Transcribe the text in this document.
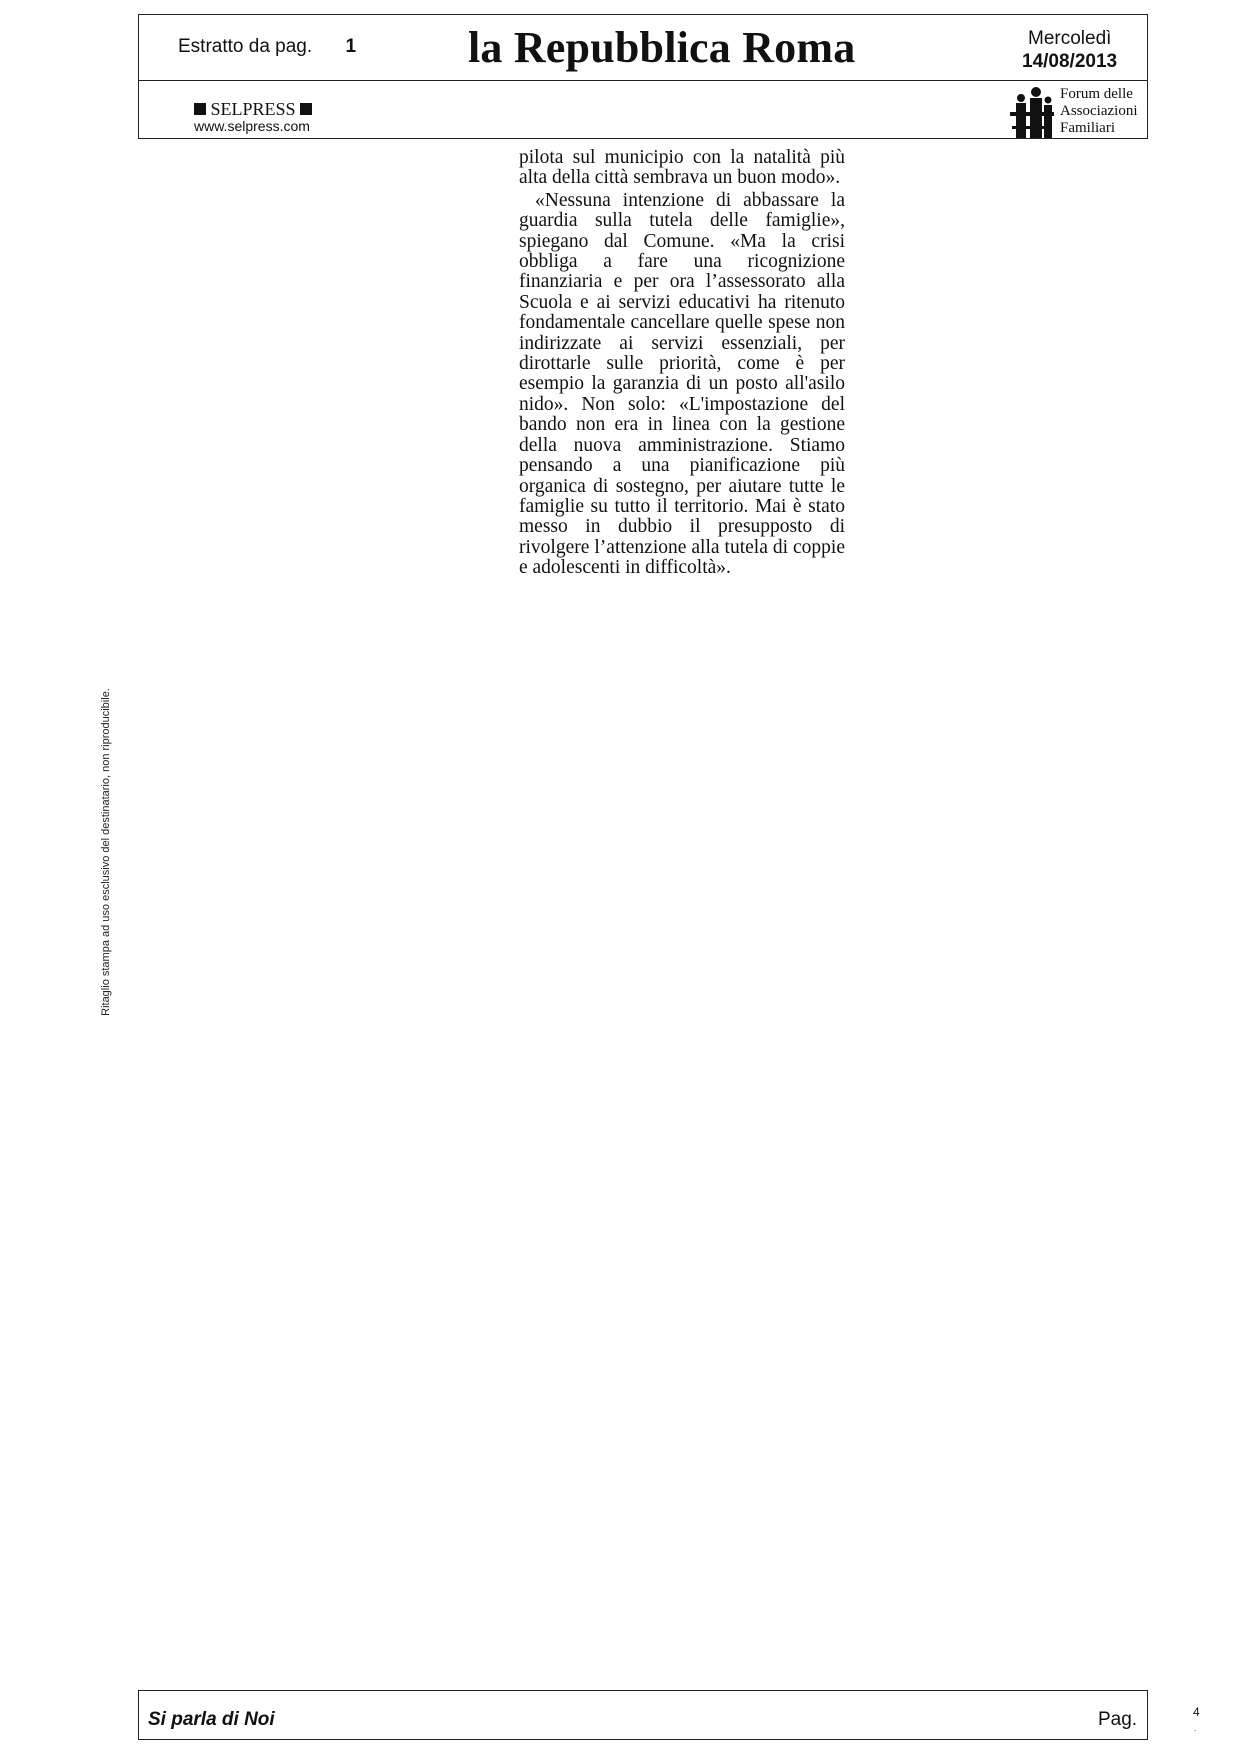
Estratto da pag. 1	la Repubblica Roma	Mercoledì
14/08/2013
SELPRESS
www.selpress.com
Forum delle
Associazioni
Familiari
Ritaglio stampa ad uso esclusivo del destinatario, non riproducibile.

pilota sul municipio con la natalità più alta della città sembrava un buon modo».

«Nessuna intenzione di abbassare la guardia sulla tutela delle famiglie», spiegano dal Comune. «Ma la crisi obbliga a fare una ricognizione finanziaria e per ora l’assessorato alla Scuola e ai servizi educativi ha ritenuto fondamentale cancellare quelle spese non indirizzate ai servizi essenziali, per dirottarle sulle priorità, come è per esempio la garanzia di un posto all'asilo nido». Non solo: «L'impostazione del bando non era in linea con la gestione della nuova amministrazione. Stiamo pensando a una pianificazione più organica di sostegno, per aiutare tutte le famiglie su tutto il territorio. Mai è stato messo in dubbio il presupposto di rivolgere l’attenzione alla tutela di coppie e adolescenti in difficoltà».

Si parla di Noi	Pag.	4
.
